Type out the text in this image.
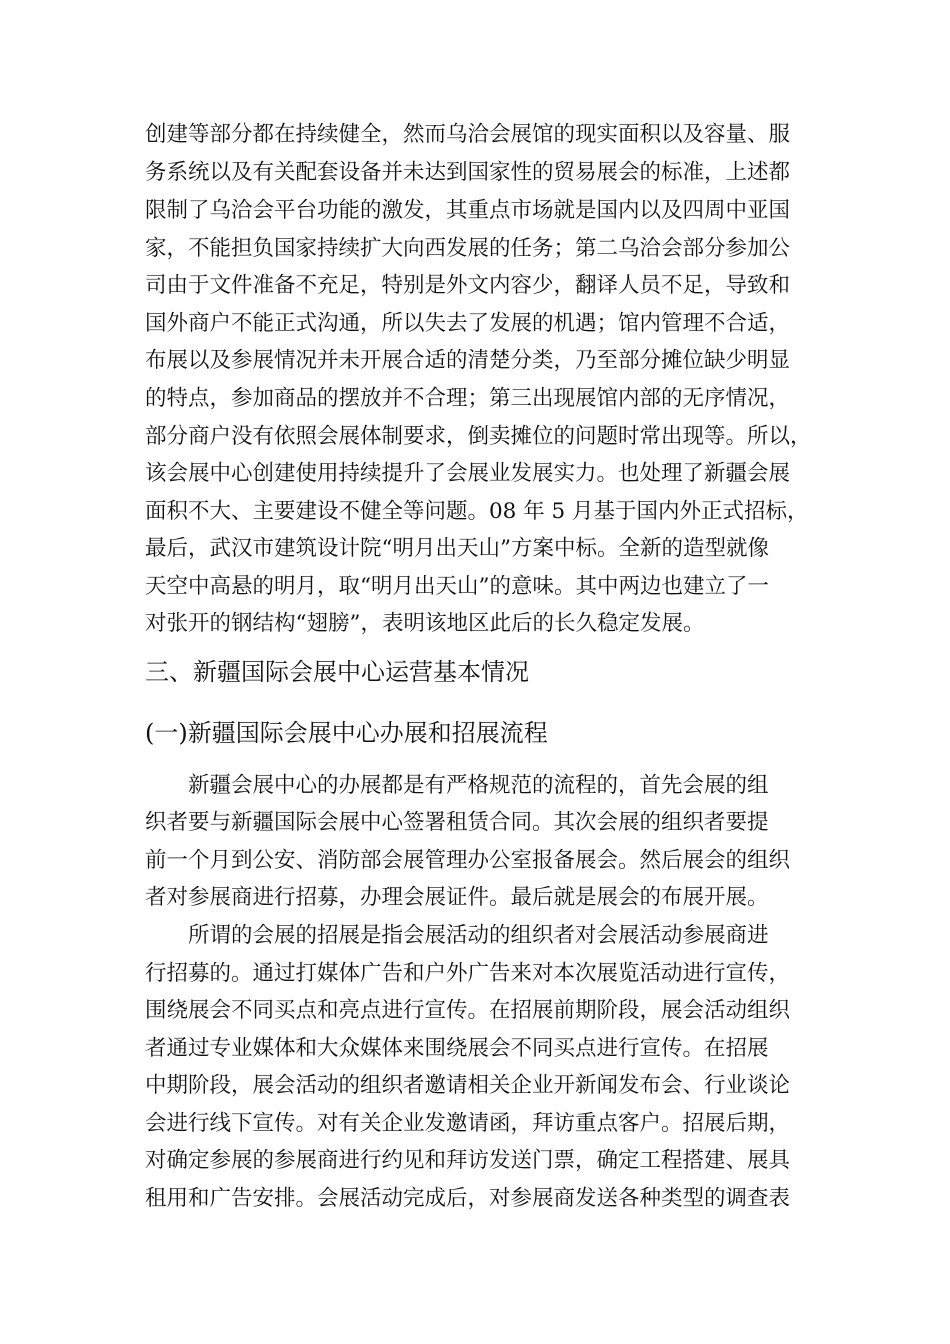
创建等部分都在持续健全，然而乌洽会展馆的现实面积以及容量、服
务系统以及有关配套设备并未达到国家性的贸易展会的标准，上述都
限制了乌洽会平台功能的激发，其重点市场就是国内以及四周中亚国
家，不能担负国家持续扩大向西发展的任务；第二乌洽会部分参加公
司由于文件准备不充足，特别是外文内容少，翻译人员不足，导致和
国外商户不能正式沟通，所以失去了发展的机遇；馆内管理不合适，
布展以及参展情况并未开展合适的清楚分类，乃至部分摊位缺少明显
的特点，参加商品的摆放并不合理；第三出现展馆内部的无序情况，
部分商户没有依照会展体制要求，倒卖摊位的问题时常出现等。所以，
该会展中心创建使用持续提升了会展业发展实力。也处理了新疆会展
面积不大、主要建设不健全等问题。08 年 5 月基于国内外正式招标，
最后，武汉市建筑设计院“明月出天山”方案中标。全新的造型就像
天空中高悬的明月，取“明月出天山”的意味。其中两边也建立了一
对张开的钢结构“翅膀”，表明该地区此后的长久稳定发展。
三、新疆国际会展中心运营基本情况
(一)新疆国际会展中心办展和招展流程
新疆会展中心的办展都是有严格规范的流程的，首先会展的组
织者要与新疆国际会展中心签署租赁合同。其次会展的组织者要提
前一个月到公安、消防部会展管理办公室报备展会。然后展会的组织
者对参展商进行招募，办理会展证件。最后就是展会的布展开展。
所谓的会展的招展是指会展活动的组织者对会展活动参展商进
行招募的。通过打媒体广告和户外广告来对本次展览活动进行宣传，
围绕展会不同买点和亮点进行宣传。在招展前期阶段，展会活动组织
者通过专业媒体和大众媒体来围绕展会不同买点进行宣传。在招展
中期阶段，展会活动的组织者邀请相关企业开新闻发布会、行业谈论
会进行线下宣传。对有关企业发邀请函，拜访重点客户。招展后期，
对确定参展的参展商进行约见和拜访发送门票，确定工程搭建、展具
租用和广告安排。会展活动完成后，对参展商发送各种类型的调查表
